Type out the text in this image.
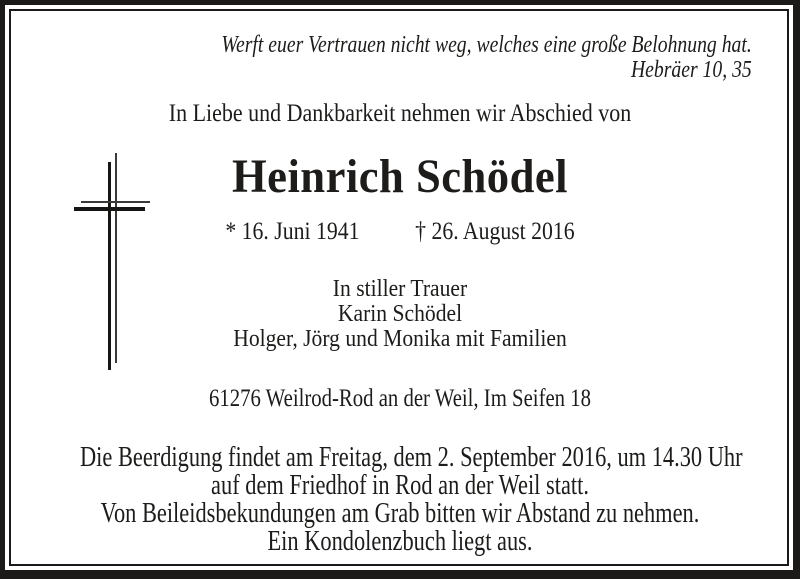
Werft euer Vertrauen nicht weg, welches eine große Belohnung hat.
Hebräer 10, 35
In Liebe und Dankbarkeit nehmen wir Abschied von
Heinrich Schödel
* 16. Juni 1941 † 26. August 2016
In stiller Trauer
Karin Schödel
Holger, Jörg und Monika mit Familien
61276 Weilrod-Rod an der Weil, Im Seifen 18
Die Beerdigung findet am Freitag, dem 2. September 2016, um 14.30 Uhr
auf dem Friedhof in Rod an der Weil statt.
Von Beileidsbekundungen am Grab bitten wir Abstand zu nehmen.
Ein Kondolenzbuch liegt aus.
